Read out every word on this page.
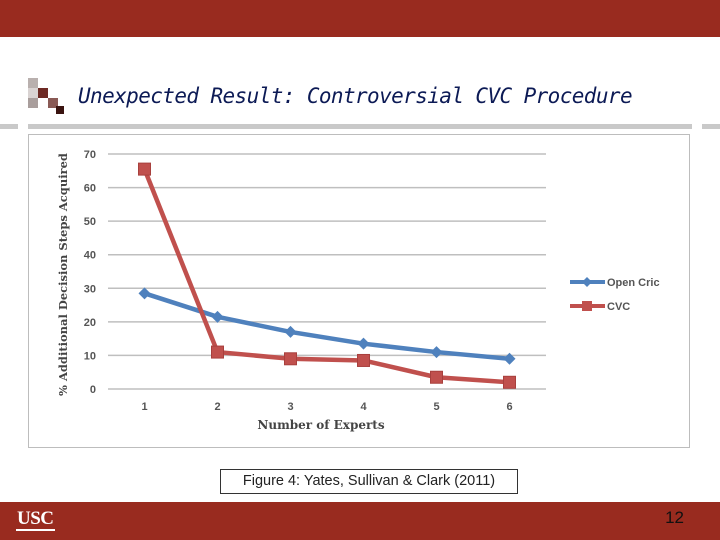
Unexpected Result: Controversial CVC Procedure
0
10
20
30
40
50
60
70
1	2	3	4	5	6
Number of Experts
% Additional Decision Steps Acquired	Open Cric
CVC
Figure 4: Yates, Sullivan & Clark (2011)
USC	12
